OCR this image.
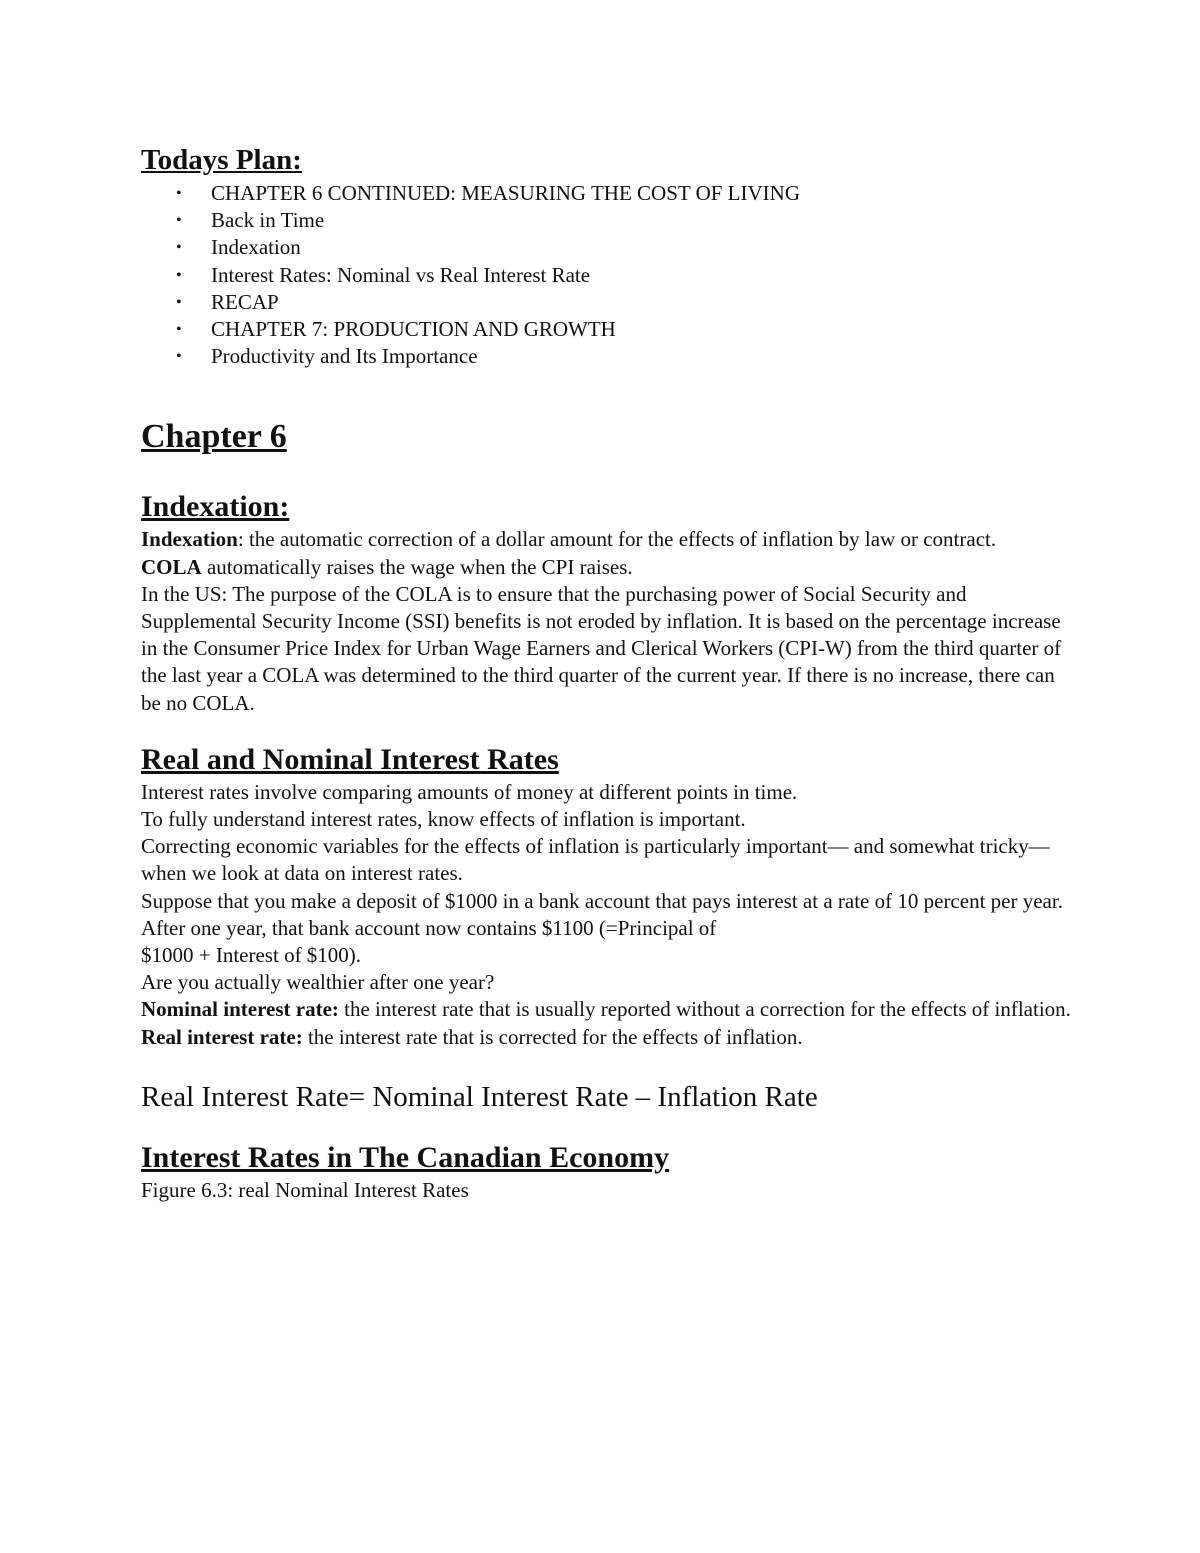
Todays Plan:
• CHAPTER 6 CONTINUED: MEASURING THE COST OF LIVING
• Back in Time
• Indexation
• Interest Rates: Nominal vs Real Interest Rate
• RECAP
• CHAPTER 7: PRODUCTION AND GROWTH
• Productivity and Its Importance
Chapter 6
Indexation:

Indexation: the automatic correction of a dollar amount for the effects of inflation by law or contract.

COLA automatically raises the wage when the CPI raises.

In the US: The purpose of the COLA is to ensure that the purchasing power of Social Security and Supplemental Security Income (SSI) benefits is not eroded by inflation. It is based on the percentage increase in the Consumer Price Index for Urban Wage Earners and Clerical Workers (CPI-W) from the third quarter of the last year a COLA was determined to the third quarter of the current year. If there is no increase, there can be no COLA.

Real and Nominal Interest Rates

Interest rates involve comparing amounts of money at different points in time.

To fully understand interest rates, know effects of inflation is important.

Correcting economic variables for the effects of inflation is particularly important— and somewhat tricky—

when we look at data on interest rates.

Suppose that you make a deposit of $1000 in a bank account that pays interest at a rate of 10 percent per year.

After one year, that bank account now contains $1100 (=Principal of

$1000 + Interest of $100).

Are you actually wealthier after one year?

Nominal interest rate: the interest rate that is usually reported without a correction for the effects of inflation.

Real interest rate: the interest rate that is corrected for the effects of inflation.

Real Interest Rate= Nominal Interest Rate – Inflation Rate

Interest Rates in The Canadian Economy

Figure 6.3: real Nominal Interest Rates
